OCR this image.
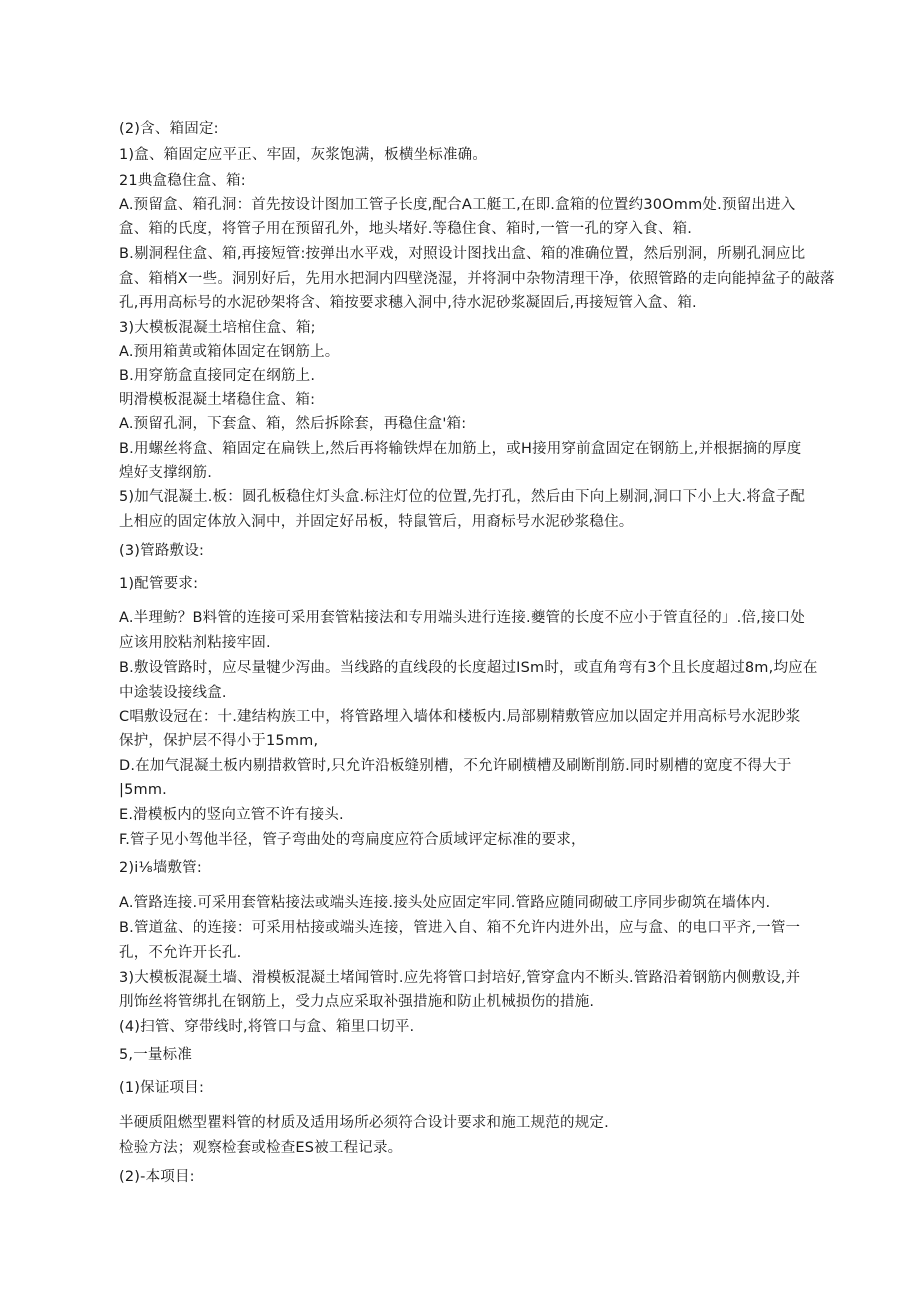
(2)含、箱固定:
1)盒、箱固定应平正、牢固，灰浆饱满，板横坐标准确。
21典盒稳住盒、箱:
A.预留盒、箱孔洞：首先按设计图加工管子长度,配合A工艇工,在即.盒箱的位置约30Omm处.预留出进入
盒、箱的氏度，将管子用在预留孔外，地头堵好.等稳住食、箱时,一管一孔的穿入食、箱.
B.剔洞程住盒、箱,再接短管:按弹出水平戏，对照设计图找出盒、箱的准确位置，然后别洞，所剔孔洞应比
盒、箱梢X一些。洞别好后，先用水把洞内四壁浇湿，并将洞中杂物清理干净，依照管路的走向能掉盆子的敲落
孔,再用高标号的水泥砂架将含、箱按要求穗入洞中,待水泥砂浆凝固后,再接短管入盒、箱.
3)大模板混凝土培棺住盒、箱;
A.预用箱黄或箱体固定在钢筋上。
B.用穿筋盒直接同定在纲筋上.
明滑模板混凝土堵稳住盒、箱:
A.预留孔洞，下套盒、箱，然后拆除套，再稳住盒'箱:
B.用螺丝将盒、箱固定在扁铁上,然后再将输铁焊在加筋上，或H接用穿前盒固定在钢筋上,并根据摘的厚度
煌好支撑纲筋.
5)加气混凝土.板：圆孔板稳住灯头盒.标注灯位的位置,先打孔，然后由下向上剔洞,洞口下小上大.将盒子配
上相应的固定体放入洞中，并固定好吊板，特鼠管后，用裔标号水泥砂浆稳住。
(3)管路敷设:
1)配管要求:
A.半理鲂？B料管的连接可采用套管粘接法和专用端头进行连接.夔管的长度不应小于管直径的」.倍,接口处
应该用胶粘剂粘接牢固.
B.敷设管路时，应尽量犍少泻曲。当线路的直线段的长度超过ISm时，或直角弯有3个且长度超过8m,均应在
中途装设接线盒.
C唱敷设冠在：十.建结构族工中，将管路埋入墙体和楼板内.局部剔精敷管应加以固定并用高标号水泥眇浆
保护，保护层不得小于15mm,
D.在加气混凝土板内剔措救管时,只允许沿板缝别槽，不允许刷横槽及刷断削筋.同时剔槽的宽度不得大于
|5mm.
E.滑模板内的竖向立管不许有接头.
F.管子见小驾他半径，管子弯曲处的弯扁度应符合质域评定标准的要求，
2)i⅛墙敷管:
A.管路连接.可采用套管粘接法或端头连接.接头处应固定牢同.管路应随同砌破工序同步砌筑在墙体内.
B.管道盆、的连接：可采用枯接或端头连接，管进入自、箱不允许内进外出，应与盒、的电口平齐,一管一
孔，不允许开长孔.
3)大模板混凝土墙、滑模板混凝土堵闻管时.应先将管口封培好,管穿盒内不断头.管路沿着钢筋内侧敷设,并
刖饰丝将管绑扎在钢筋上，受力点应采取补强措施和防止机械损伤的措施.
(4)扫管、穿带线时,将管口与盒、箱里口切平.
5,一量标准
(1)保证项目:
半硬质阻燃型瞿料管的材质及适用场所必须符合设计要求和施工规范的规定.
检验方法；观察检套或检查ES被工程记录。
(2)-本项目:
